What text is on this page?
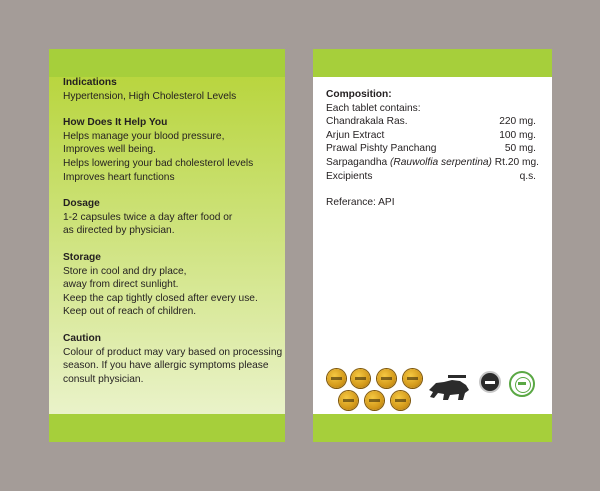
Indications
Hypertension, High Cholesterol Levels
How Does It Help You
Helps manage your blood pressure,
Improves well being.
Helps lowering your bad cholesterol levels
Improves heart functions
Dosage
1-2 capsules twice a day after food or
as directed by physician.
Storage
Store in cool and dry place,
away from direct sunlight.
Keep the cap tightly closed after every use.
Keep out of reach of children.
Caution
Colour of product may vary based on processing
season. If you have allergic symptoms please
consult physician.
Composition:
Each tablet contains:
Chandrakala Ras.	220 mg.
Arjun Extract	100 mg.
Prawal Pishty Panchang	50 mg.
Sarpagandha (Rauwolfia serpentina) Rt. 20 mg.
Excipients	q.s.
Referance: API
